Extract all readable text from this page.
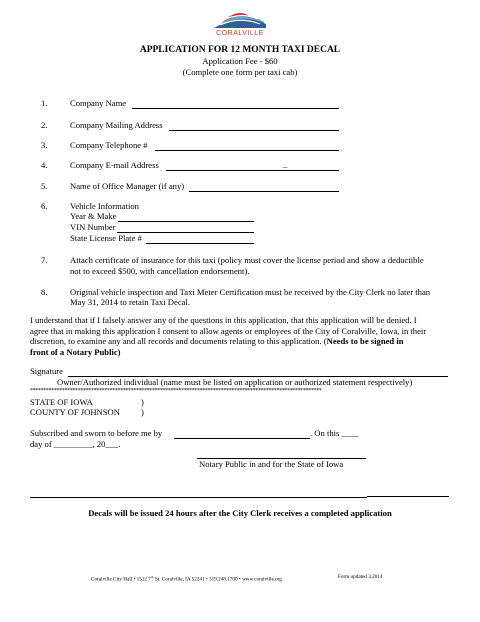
CORALVILLE
APPLICATION FOR 12 MONTH TAXI DECAL
Application Fee - $60
(Complete one form per taxi cab)
1.	Company Name
2.	Company Mailing Address
3.	Company Telephone #
4.	Company E-mail Address	_
5.	Name of Office Manager (if any)
6.	Vehicle Information
Year & Make
VIN Number
State License Plate #
7.	Attach certificate of insurance for this taxi (policy must cover the license period and show a deductible
not to exceed $500, with cancellation endorsement).
8.	Original vehicle inspection and Taxi Meter Certification must be received by the City Clerk no later than
May 31, 2014 to retain Taxi Decal.
I understand that if I falsely answer any of the questions in this application, that this application will be denied. I
agree that in making this application I consent to allow agents or employees of the City of Coralville, Iowa, in their
discretion, to examine any and all records and documents relating to this application. (Needs to be signed in
front of a Notary Public)
Signature
Owner/Authorized individual (name must be listed on application or authorized statement respectively)
**************************************************************************************************************
STATE OF IOWA	)
COUNTY OF JOHNSON )
Subscribed and sworn to before me by	. On this ____
day of _________, 20___.
Notary Public in and for the State of Iowa
Decals will be issued 24 hours after the City Clerk receives a completed application
Coralville City Hall • 1512 7th St. Coralville, IA 52241 • 319.248.1700 • www.coralville.org	Form updated 3.2014
